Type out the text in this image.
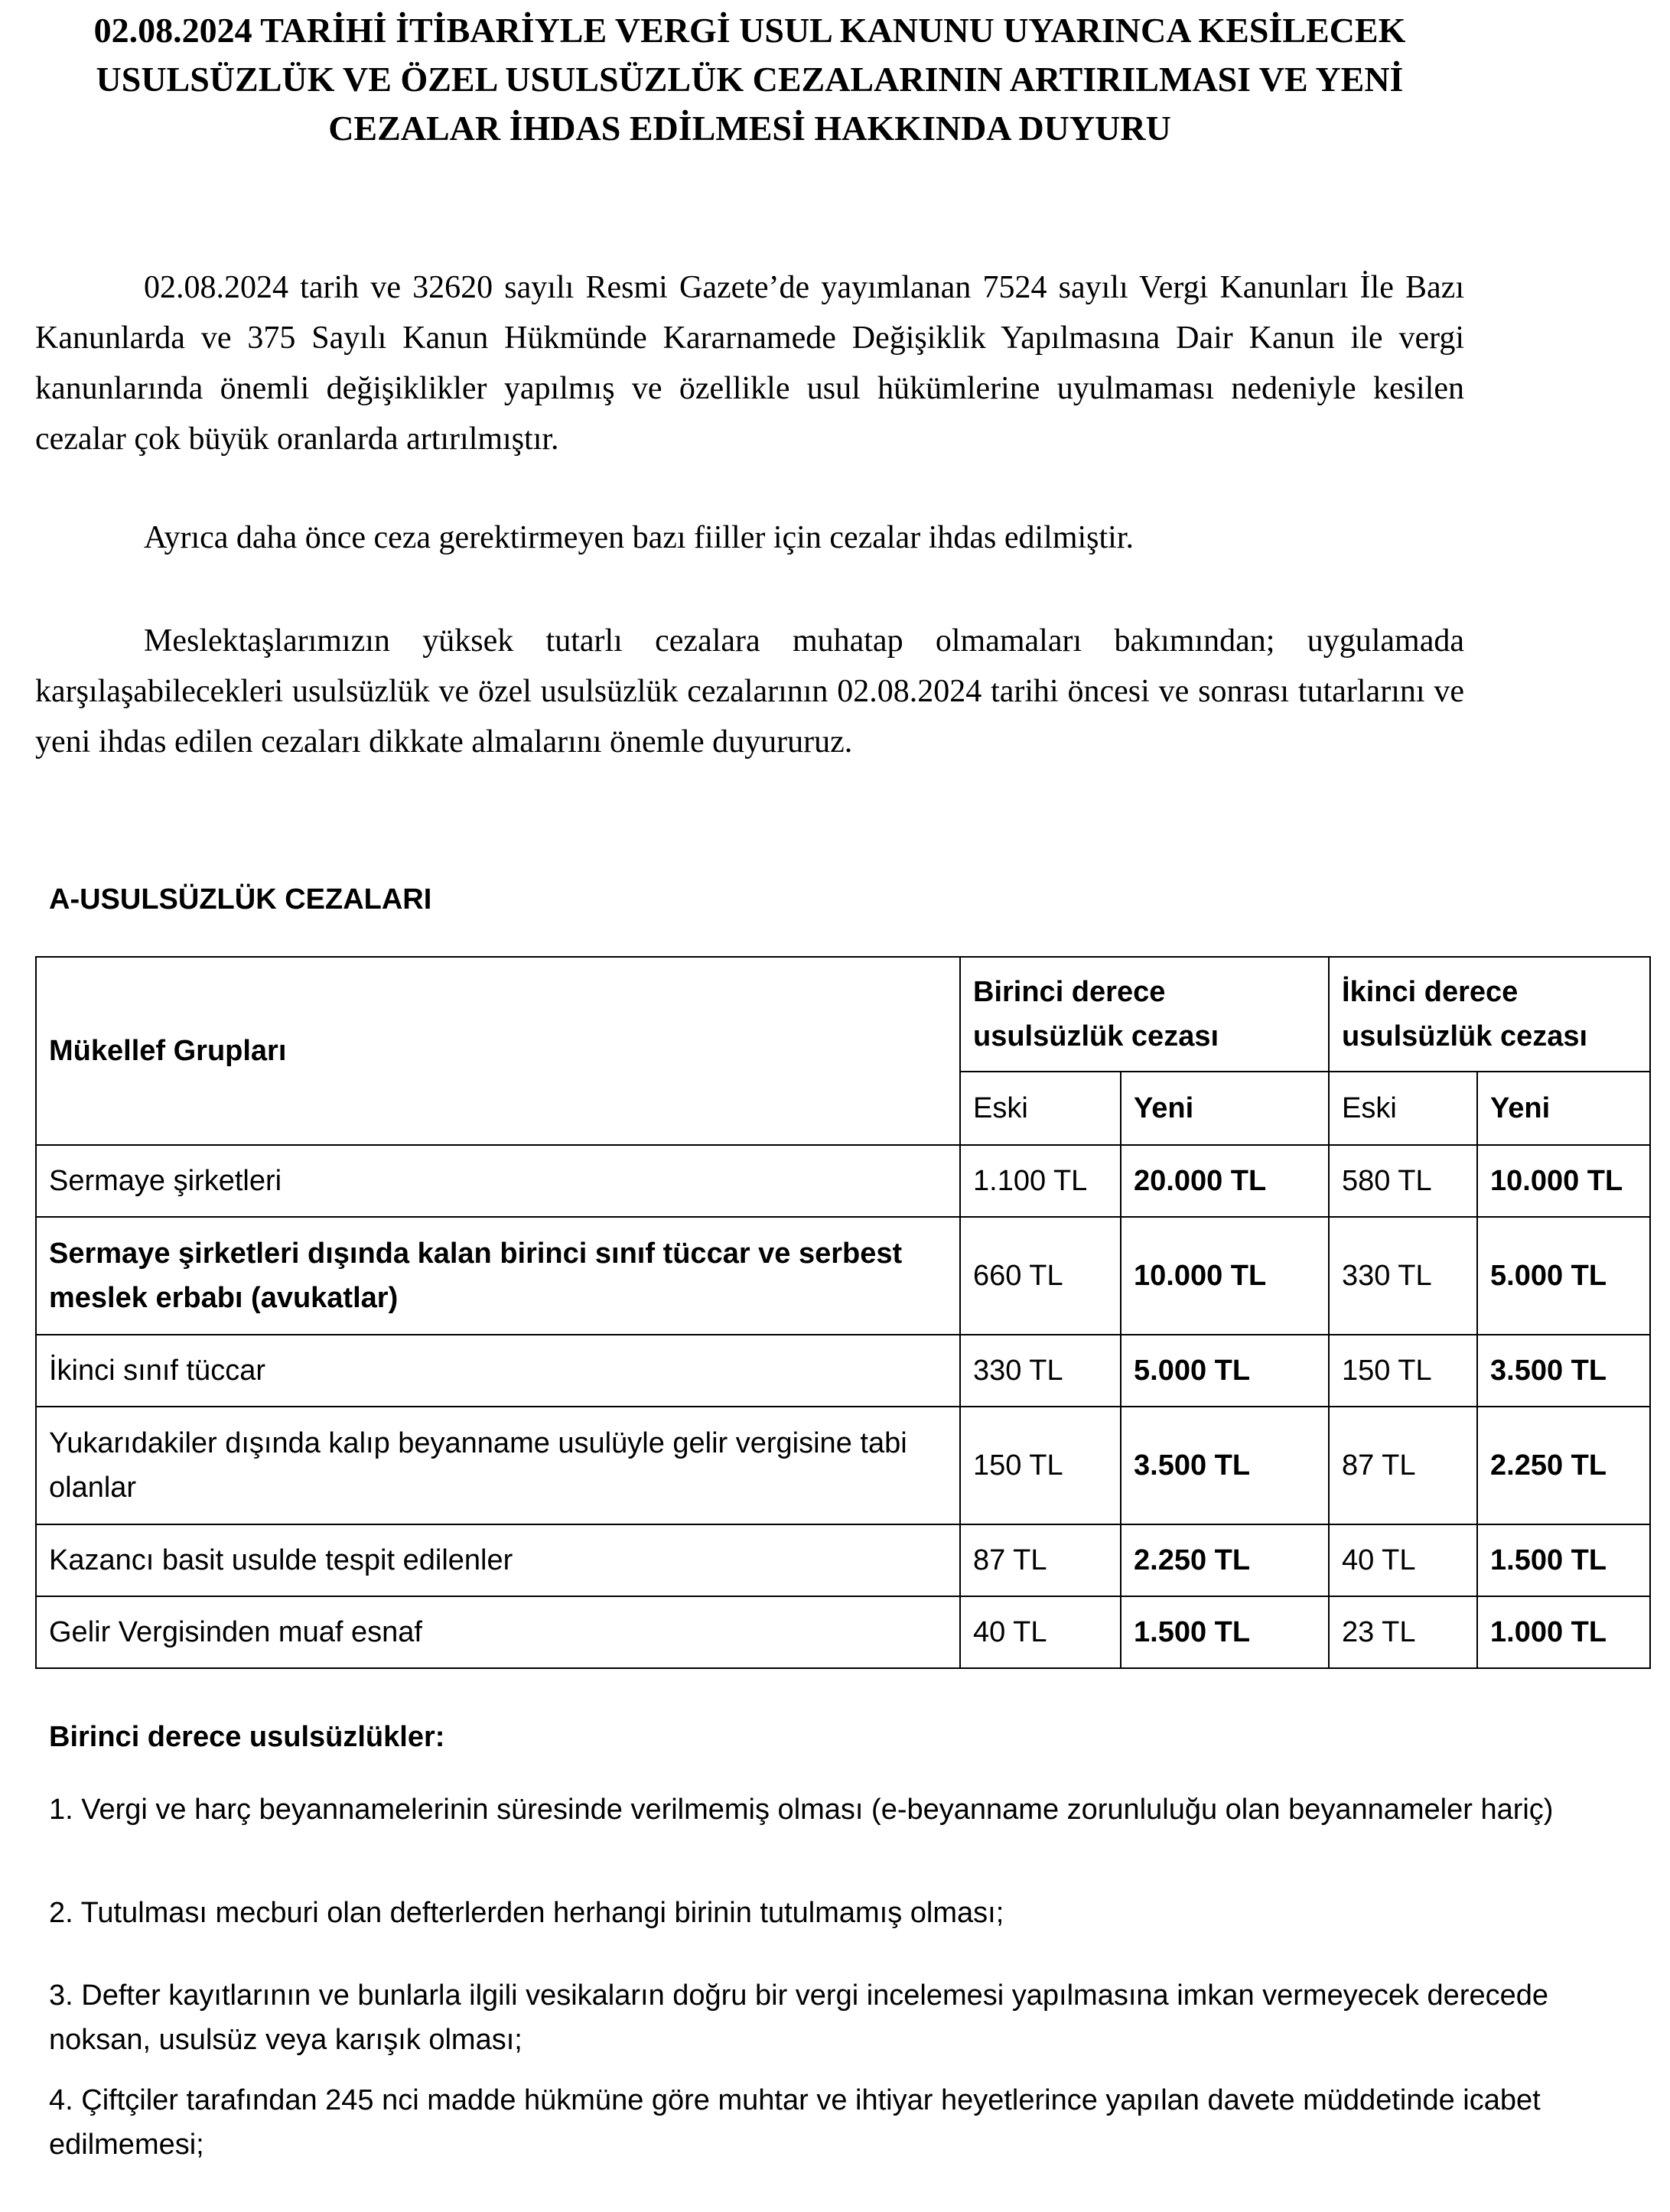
02.08.2024 TARİHİ İTİBARİYLE VERGİ USUL KANUNU UYARINCA KESİLECEK
USULSÜZLÜK VE ÖZEL USULSÜZLÜK CEZALARININ ARTIRILMASI VE YENİ
CEZALAR İHDAS EDİLMESİ HAKKINDA DUYURU

02.08.2024 tarih ve 32620 sayılı Resmi Gazete’de yayımlanan 7524 sayılı Vergi Kanunları İle Bazı Kanunlarda ve 375 Sayılı Kanun Hükmünde Kararnamede Değişiklik Yapılmasına Dair Kanun ile vergi kanunlarında önemli değişiklikler yapılmış ve özellikle usul hükümlerine uyulmaması nedeniyle kesilen cezalar çok büyük oranlarda artırılmıştır.

Ayrıca daha önce ceza gerektirmeyen bazı fiiller için cezalar ihdas edilmiştir.

Meslektaşlarımızın yüksek tutarlı cezalara muhatap olmamaları bakımından; uygulamada karşılaşabilecekleri usulsüzlük ve özel usulsüzlük cezalarının 02.08.2024 tarihi öncesi ve sonrası tutarlarını ve yeni ihdas edilen cezaları dikkate almalarını önemle duyururuz.

A-USULSÜZLÜK CEZALARI
Mükellef Grupları	Birinci derece usulsüzlük cezası		İkinci derece usulsüzlük cezası	
	Eski	Yeni	Eski	Yeni
Sermaye şirketleri	1.100 TL	20.000 TL	580 TL	10.000 TL
Sermaye şirketleri dışında kalan birinci sınıf tüccar ve serbest meslek erbabı (avukatlar)	660 TL	10.000 TL	330 TL	5.000 TL
İkinci sınıf tüccar	330 TL	5.000 TL	150 TL	3.500 TL
Yukarıdakiler dışında kalıp beyanname usulüyle gelir vergisine tabi olanlar	150 TL	3.500 TL	87 TL	2.250 TL
Kazancı basit usulde tespit edilenler	87 TL	2.250 TL	40 TL	1.500 TL
Gelir Vergisinden muaf esnaf	40 TL	1.500 TL	23 TL	1.000 TL
Birinci derece usulsüzlükler:

1. Vergi ve harç beyannamelerinin süresinde verilmemiş olması (e-beyanname zorunluluğu olan beyannameler hariç)

2. Tutulması mecburi olan defterlerden herhangi birinin tutulmamış olması;

3. Defter kayıtlarının ve bunlarla ilgili vesikaların doğru bir vergi incelemesi yapılmasına imkan vermeyecek derecede noksan, usulsüz veya karışık olması;

4. Çiftçiler tarafından 245 nci madde hükmüne göre muhtar ve ihtiyar heyetlerince yapılan davete müddetinde icabet edilmemesi;
